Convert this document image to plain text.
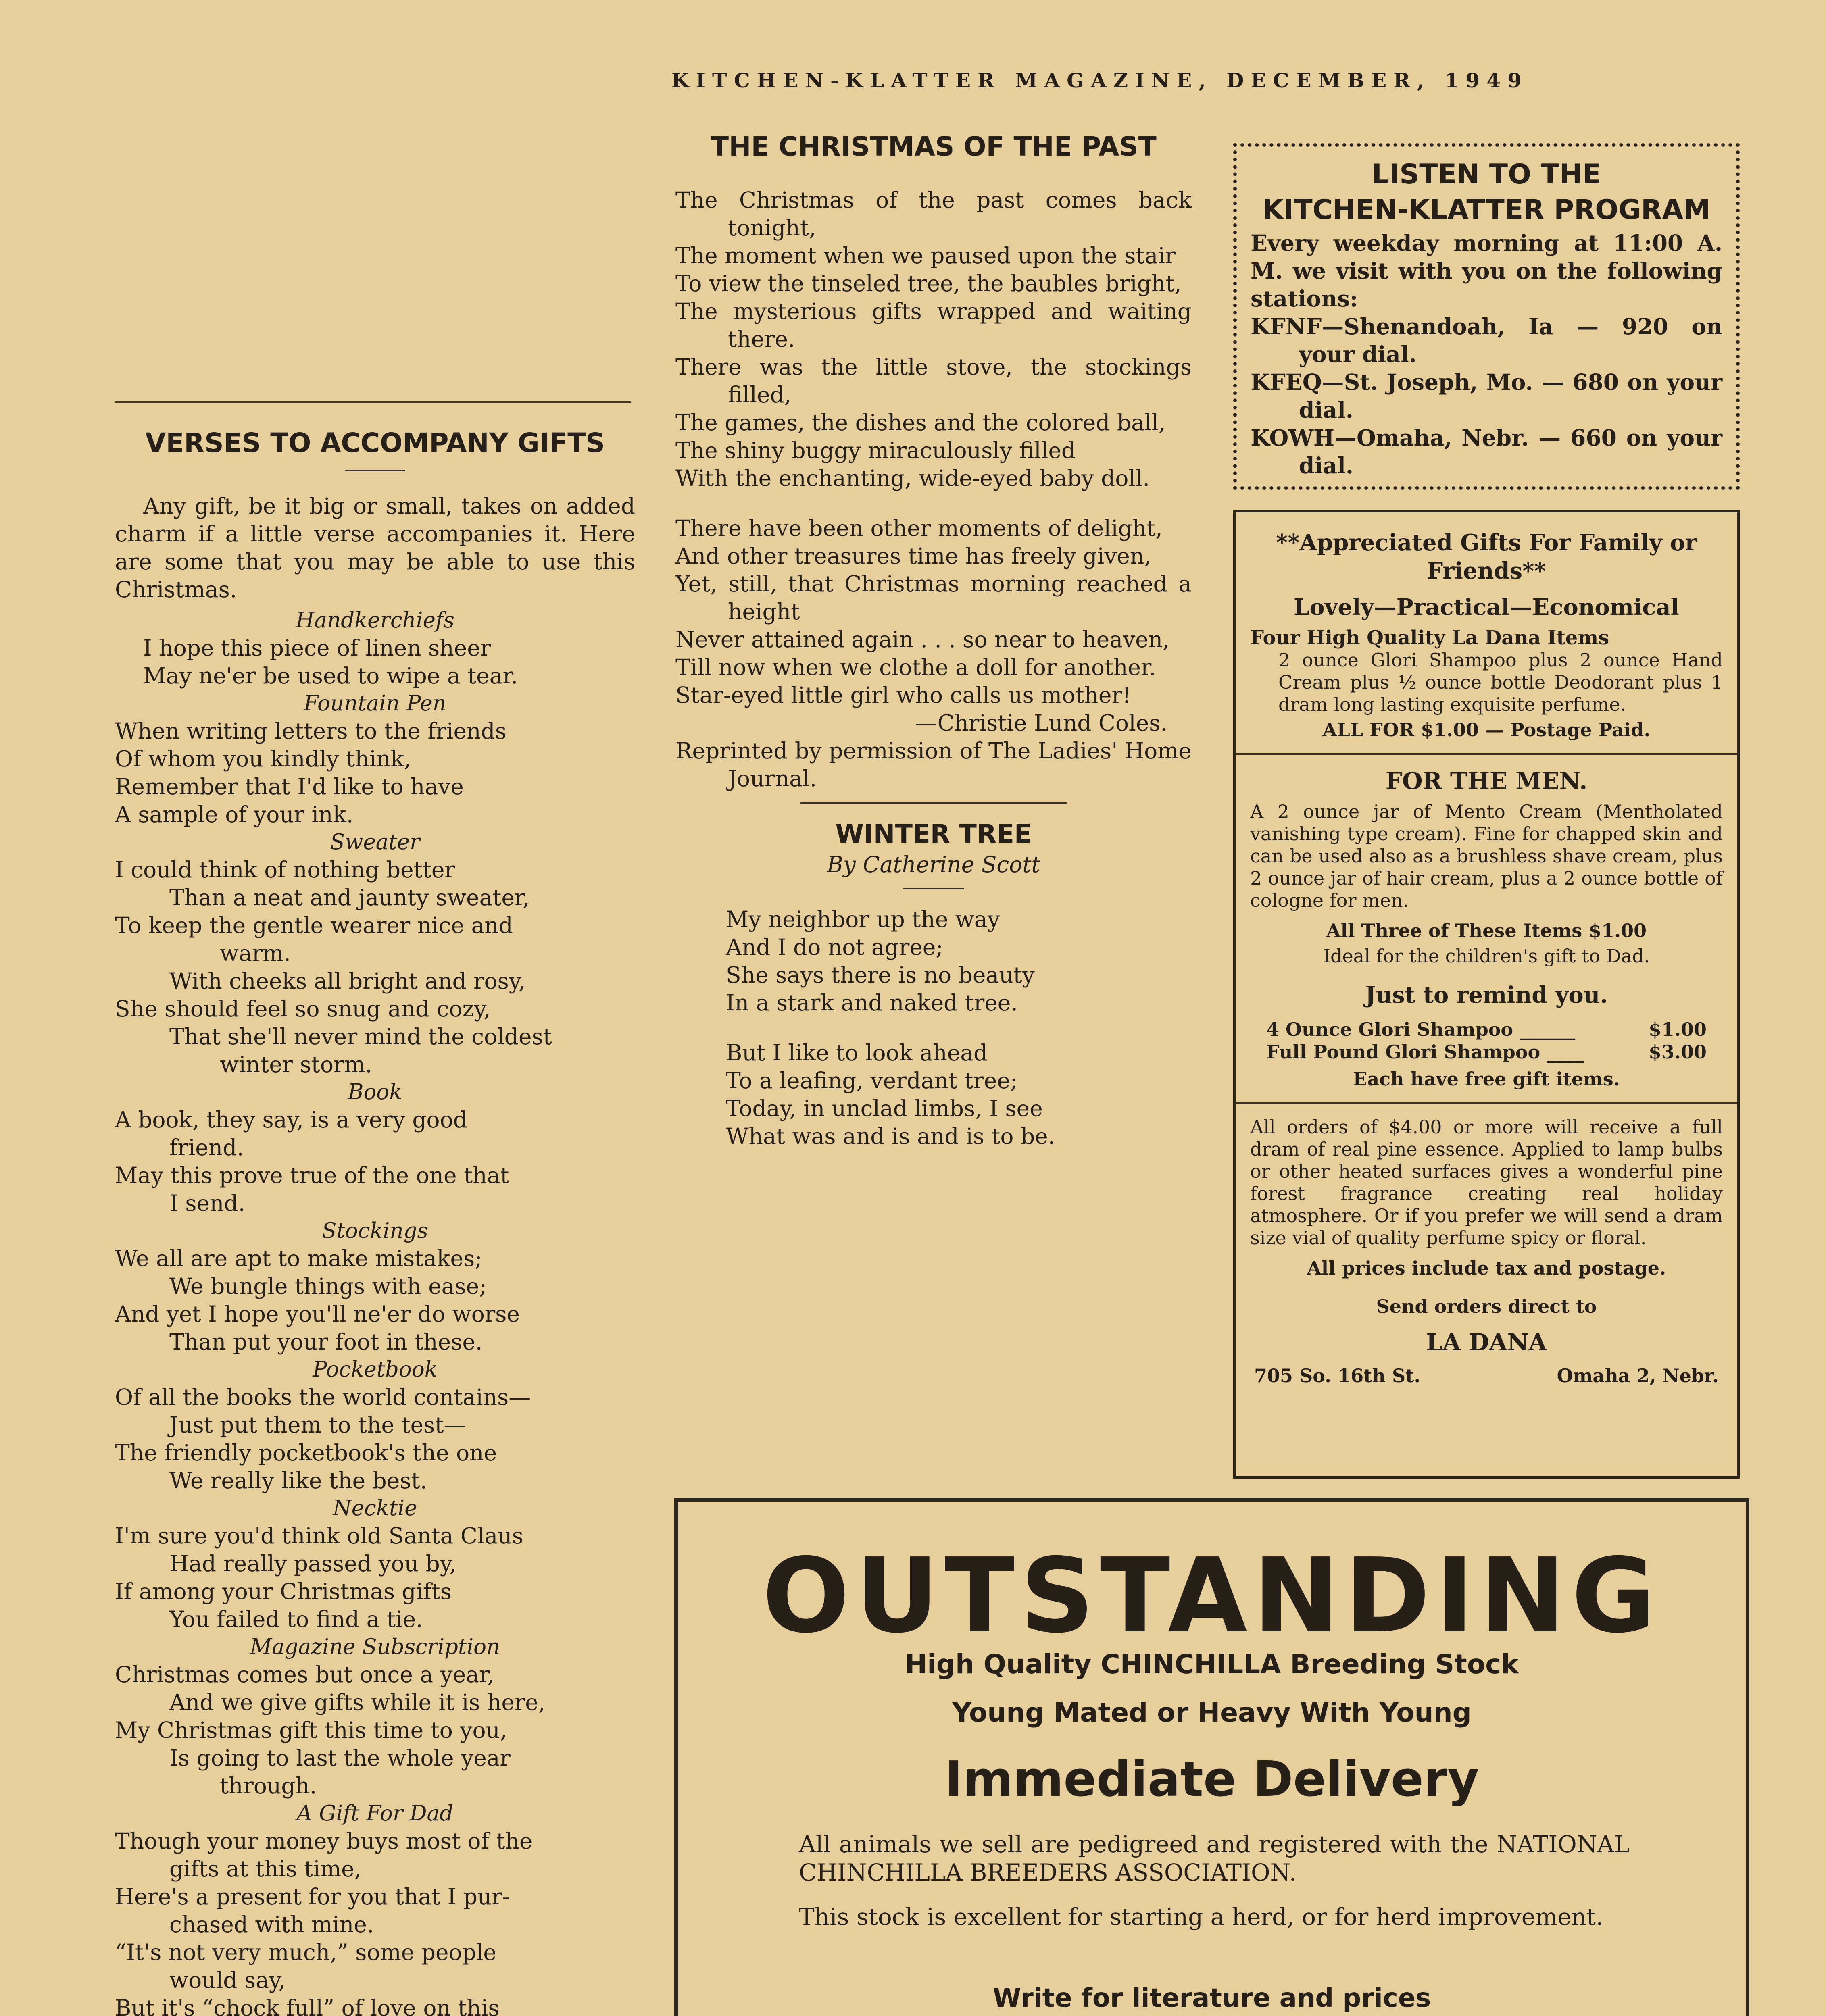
KITCHEN-KLATTER MAGAZINE, DECEMBER, 1949
VERSES TO ACCOMPANY GIFTS

Any gift, be it big or small, takes on added charm if a little verse accompanies it. Here are some that you may be able to use this Christmas.

Handkerchiefs

I hope this piece of linen sheer

May ne'er be used to wipe a tear.

Fountain Pen

When writing letters to the friends

Of whom you kindly think,

Remember that I'd like to have

A sample of your ink.

Sweater

I could think of nothing better

Than a neat and jaunty sweater,

To keep the gentle wearer nice and

warm.

With cheeks all bright and rosy,

She should feel so snug and cozy,

That she'll never mind the coldest

winter storm.

Book

A book, they say, is a very good

friend.

May this prove true of the one that

I send.

Stockings

We all are apt to make mistakes;

We bungle things with ease;

And yet I hope you'll ne'er do worse

Than put your foot in these.

Pocketbook

Of all the books the world contains—

Just put them to the test—

The friendly pocketbook's the one

We really like the best.

Necktie

I'm sure you'd think old Santa Claus

Had really passed you by,

If among your Christmas gifts

You failed to find a tie.

Magazine Subscription

Christmas comes but once a year,

And we give gifts while it is here,

My Christmas gift this time to you,

Is going to last the whole year

through.

A Gift For Dad

Though your money buys most of the

gifts at this time,

Here's a present for you that I pur-

chased with mine.

“It's not very much,” some people

would say,

But it's “chock full” of love on this

THE CHRISTMAS OF THE PAST

The Christmas of the past comes back tonight,

The moment when we paused upon the stair

To view the tinseled tree, the baubles bright,

The mysterious gifts wrapped and waiting there.

There was the little stove, the stockings filled,

The games, the dishes and the colored ball,

The shiny buggy miraculously filled

With the enchanting, wide-eyed baby doll.

There have been other moments of delight,

And other treasures time has freely given,

Yet, still, that Christmas morning reached a height

Never attained again . . . so near to heaven,

Till now when we clothe a doll for another.

Star-eyed little girl who calls us mother!

—Christie Lund Coles.

Reprinted by permission of The Ladies' Home Journal.

WINTER TREE

By Catherine Scott

My neighbor up the way

And I do not agree;

She says there is no beauty

In a stark and naked tree.

But I like to look ahead

To a leafing, verdant tree;

Today, in unclad limbs, I see

What was and is and is to be.

LISTEN TO THE
KITCHEN-KLATTER PROGRAM

Every weekday morning at 11:00 A. M. we visit with you on the following stations:

KFNF—Shenandoah, Ia — 920 on your dial.

KFEQ—St. Joseph, Mo. — 680 on your dial.

KOWH—Omaha, Nebr. — 660 on your dial.

**Appreciated Gifts For Family or Friends**

Lovely—Practical—Economical

Four High Quality La Dana Items

2 ounce Glori Shampoo plus 2 ounce Hand Cream plus ½ ounce bottle Deodorant plus 1 dram long lasting exquisite perfume.

ALL FOR $1.00 — Postage Paid.

FOR THE MEN.

A 2 ounce jar of Mento Cream (Mentholated vanishing type cream). Fine for chapped skin and can be used also as a brushless shave cream, plus 2 ounce jar of hair cream, plus a 2 ounce bottle of cologne for men.

All Three of These Items $1.00

Ideal for the children's gift to Dad.

Just to remind you.

4 Ounce Glori Shampoo ______	$1.00
Full Pound Glori Shampoo ____	$3.00

Each have free gift items.

All orders of $4.00 or more will receive a full dram of real pine essence. Applied to lamp bulbs or other heated surfaces gives a wonderful pine forest fragrance creating real holiday atmosphere. Or if you prefer we will send a dram size vial of quality perfume spicy or floral.

All prices include tax and postage.

Send orders direct to

LA DANA

705 So. 16th St.	Omaha 2, Nebr.
OUTSTANDING
High Quality CHINCHILLA Breeding Stock
Young Mated or Heavy With Young
Immediate Delivery
All animals we sell are pedigreed and registered with the NATIONAL CHINCHILLA BREEDERS ASSOCIATION.
This stock is excellent for starting a herd, or for herd improvement.
Write for literature and prices
